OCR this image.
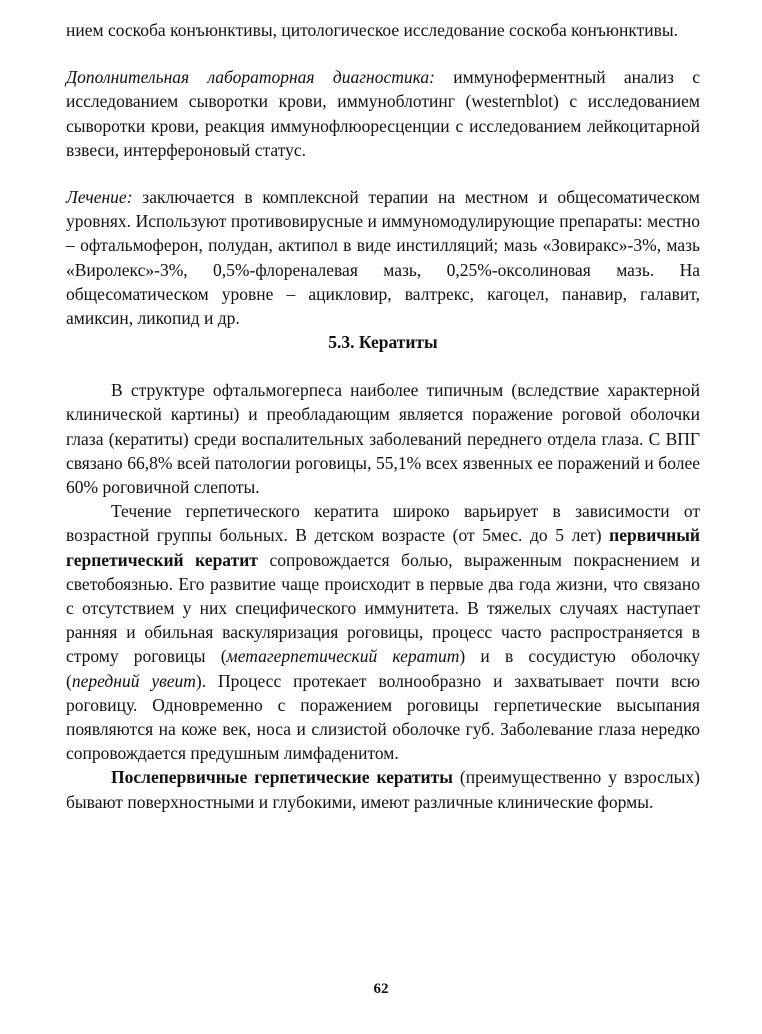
нием соскоба конъюнктивы, цитологическое исследование соскоба конъюнктивы.

Дополнительная лабораторная диагностика: иммуноферментный анализ с исследованием сыворотки крови, иммуноблотинг (westernblot) с исследованием сыворотки крови, реакция иммунофлюоресценции с исследованием лейкоцитарной взвеси, интерфероновый статус.

Лечение: заключается в комплексной терапии на местном и общесоматическом уровнях. Используют противовирусные и иммуномодулирующие препараты: местно – офтальмоферон, полудан, актипол в виде инстилляций; мазь «Зовиракс»-3%, мазь «Виролекс»-3%, 0,5%-флореналевая мазь, 0,25%-оксолиновая мазь. На общесоматическом уровне – ацикловир, валтрекс, кагоцел, панавир, галавит, амиксин, ликопид и др.

5.3. Кератиты

В структуре офтальмогерпеса наиболее типичным (вследствие характерной клинической картины) и преобладающим является поражение роговой оболочки глаза (кератиты) среди воспалительных заболеваний переднего отдела глаза. С ВПГ связано 66,8% всей патологии роговицы, 55,1% всех язвенных ее поражений и более 60% роговичной слепоты.

Течение герпетического кератита широко варьирует в зависимости от возрастной группы больных. В детском возрасте (от 5мес. до 5 лет) первичный герпетический кератит сопровождается болью, выраженным покраснением и светобоязнью. Его развитие чаще происходит в первые два года жизни, что связано с отсутствием у них специфического иммунитета. В тяжелых случаях наступает ранняя и обильная васкуляризация роговицы, процесс часто распространяется в строму роговицы (метагерпетический кератит) и в сосудистую оболочку (передний увеит). Процесс протекает волнообразно и захватывает почти всю роговицу. Одновременно с поражением роговицы герпетические высыпания появляются на коже век, носа и слизистой оболочке губ. Заболевание глаза нередко сопровождается предушным лимфаденитом.

Послепервичные герпетические кератиты (преимущественно у взрослых) бывают поверхностными и глубокими, имеют различные клинические формы.

62
